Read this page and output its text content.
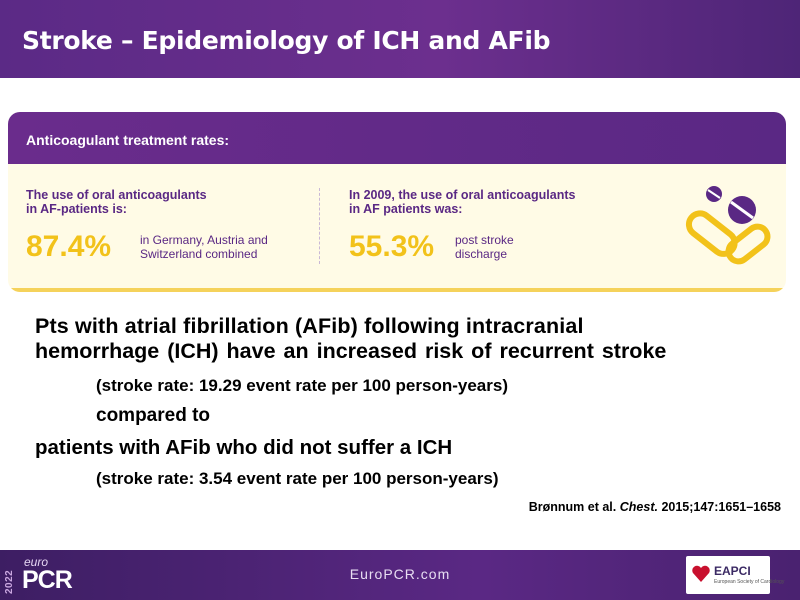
Stroke – Epidemiology of ICH and AFib
Anticoagulant treatment rates:
The use of oral anticoagulants
in AF-patients is:
87.4% in Germany, Austria and
Switzerland combined
In 2009, the use of oral anticoagulants
in AF patients was:
55.3% post stroke
discharge
Pts with atrial fibrillation (AFib) following intracranial
hemorrhage (ICH) have an increased risk of recurrent stroke
(stroke rate: 19.29 event rate per 100 person-years)
compared to
patients with AFib who did not suffer a ICH
(stroke rate: 3.54 event rate per 100 person-years)
Brønnum et al. Chest. 2015;147:1651–1658
2022
euro
PCR	EuroPCR.com	EAPCI
European Society of Cardiology
